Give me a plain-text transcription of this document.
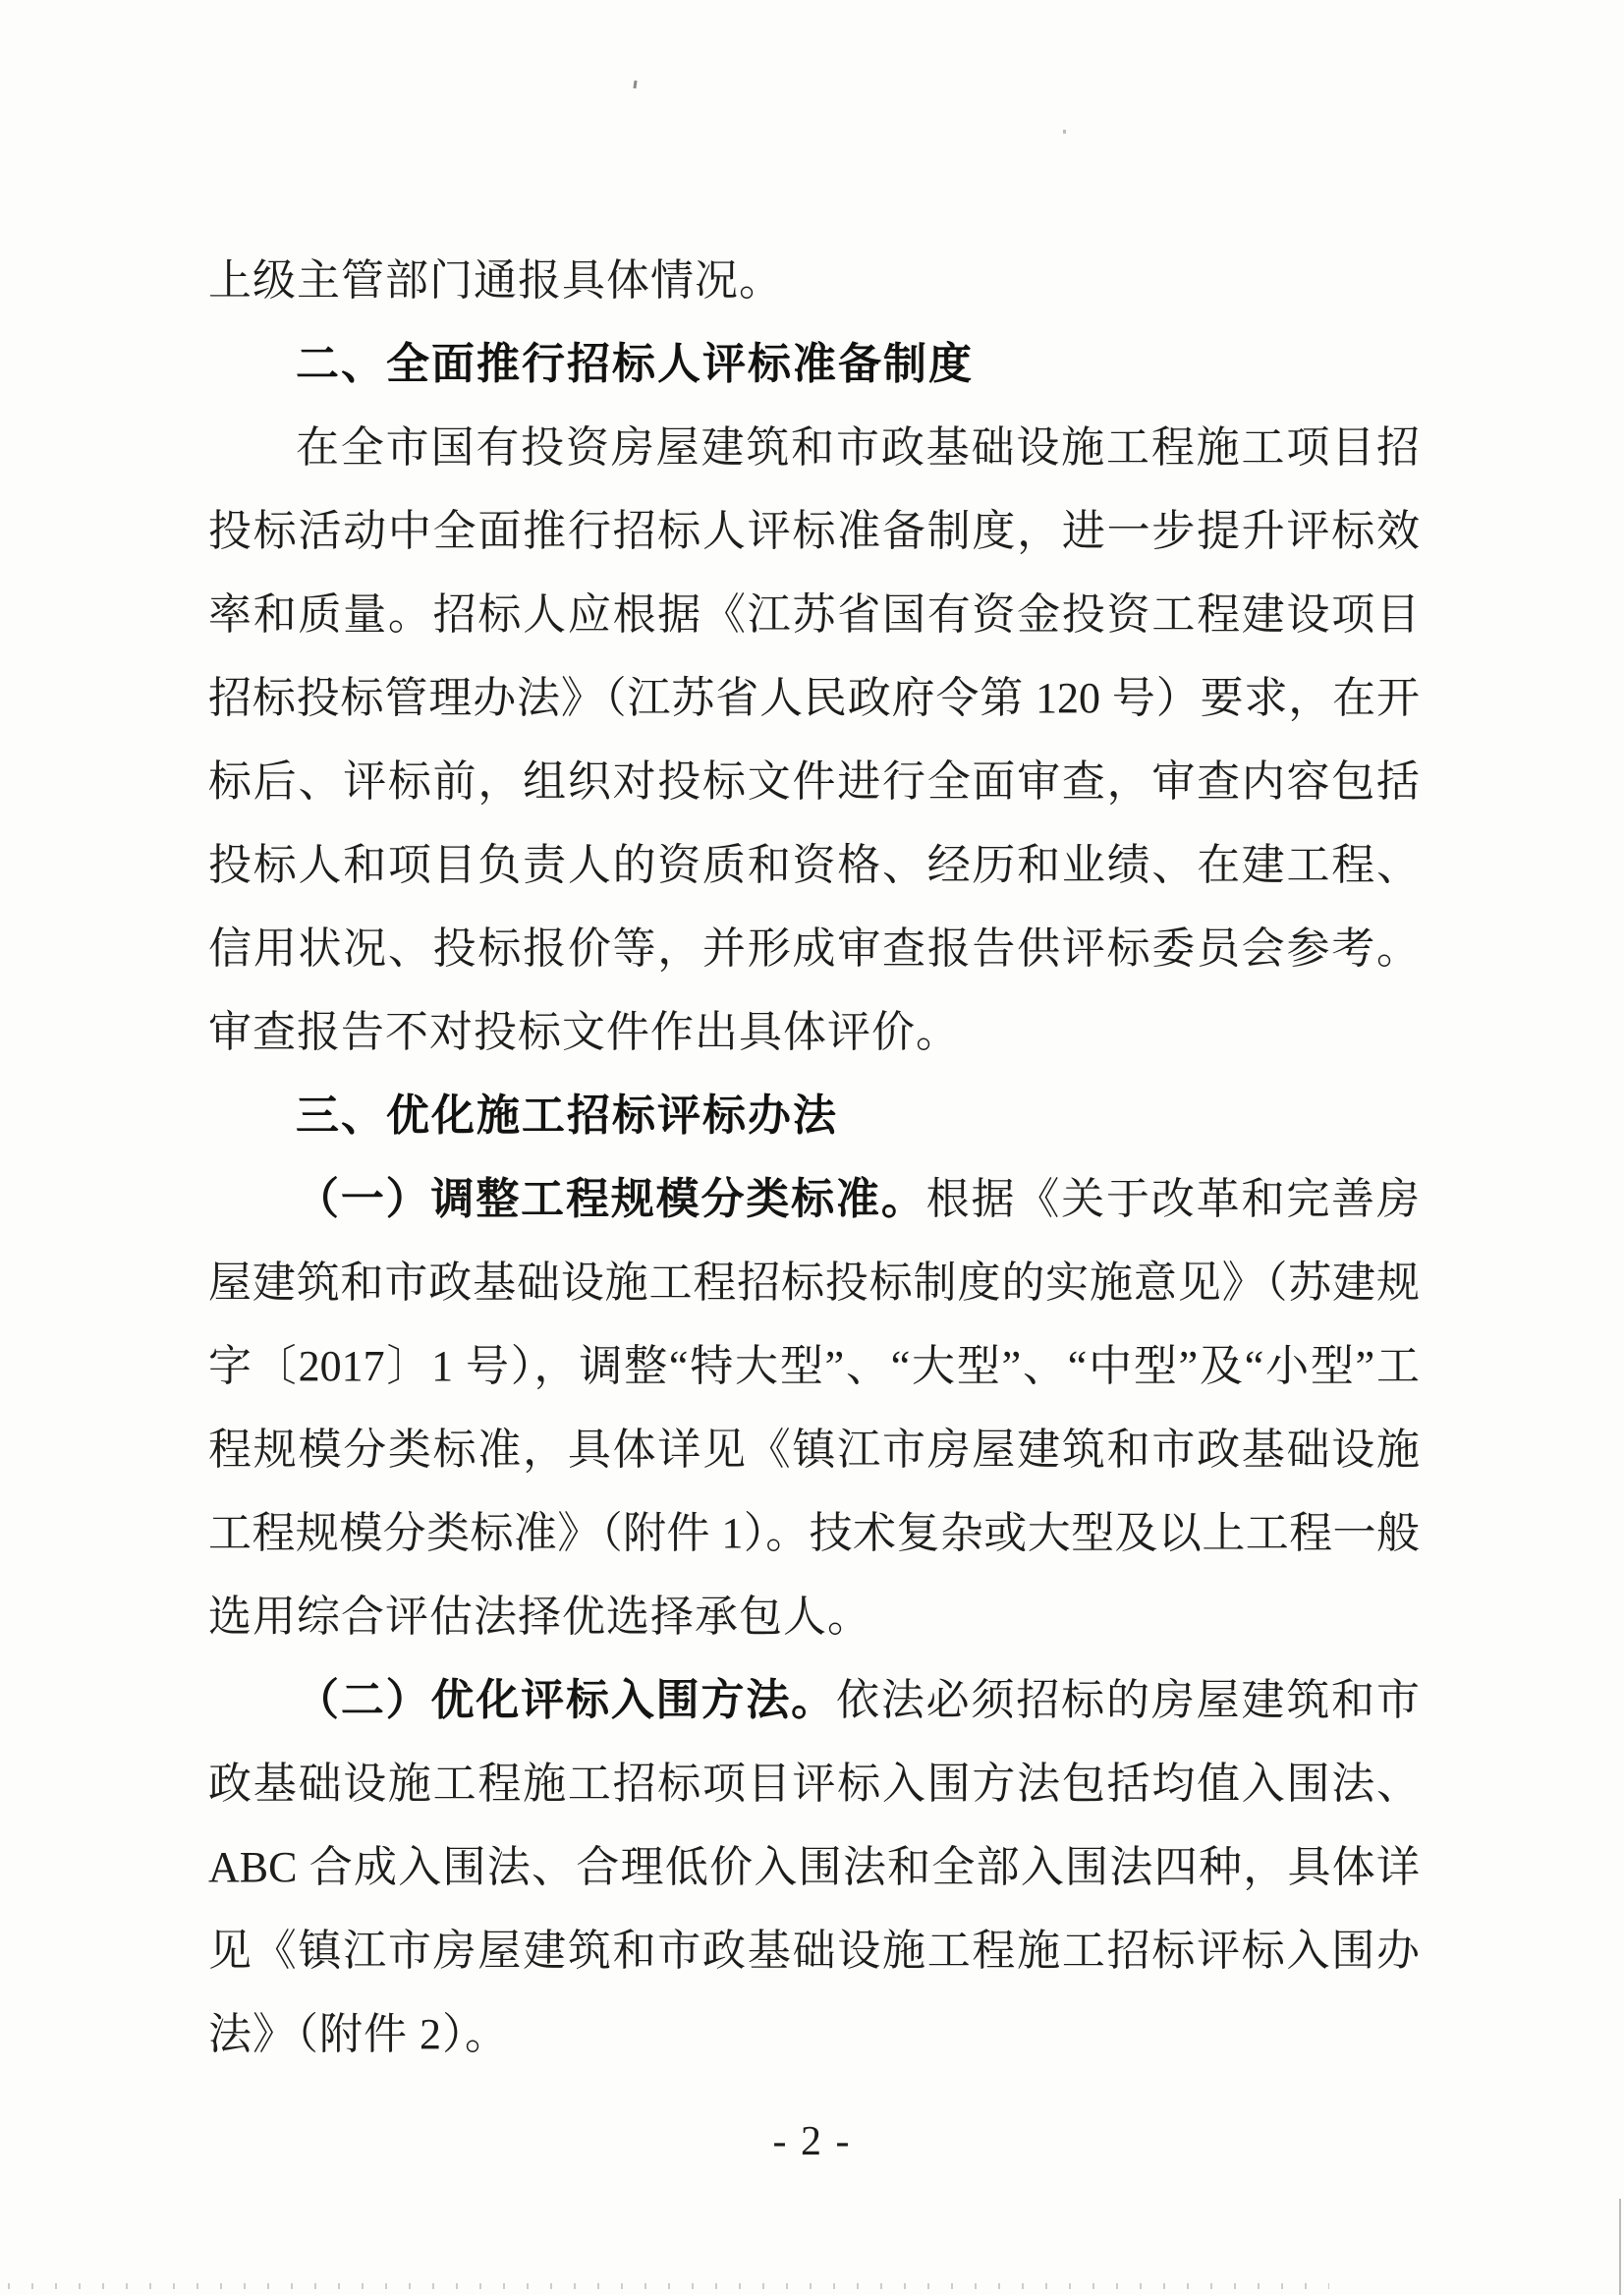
上级主管部门通报具体情况。
二、全面推行招标人评标准备制度
在全市国有投资房屋建筑和市政基础设施工程施工项目招
投标活动中全面推行招标人评标准备制度，进一步提升评标效
率和质量。招标人应根据《江苏省国有资金投资工程建设项目
招标投标管理办法》（江苏省人民政府令第 120 号）要求，在开
标后、评标前，组织对投标文件进行全面审查，审查内容包括
投标人和项目负责人的资质和资格、经历和业绩、在建工程、
信用状况、投标报价等，并形成审查报告供评标委员会参考。
审查报告不对投标文件作出具体评价。
三、优化施工招标评标办法
（一）调整工程规模分类标准。根据《关于改革和完善房
屋建筑和市政基础设施工程招标投标制度的实施意见》（苏建规
字〔2017〕1 号），调整“特大型”、“大型”、“中型”及“小型”工
程规模分类标准，具体详见《镇江市房屋建筑和市政基础设施
工程规模分类标准》（附件 1）。技术复杂或大型及以上工程一般
选用综合评估法择优选择承包人。
（二）优化评标入围方法。依法必须招标的房屋建筑和市
政基础设施工程施工招标项目评标入围方法包括均值入围法、
ABC 合成入围法、合理低价入围法和全部入围法四种，具体详
见《镇江市房屋建筑和市政基础设施工程施工招标评标入围办
法》（附件 2）。
- 2 -
